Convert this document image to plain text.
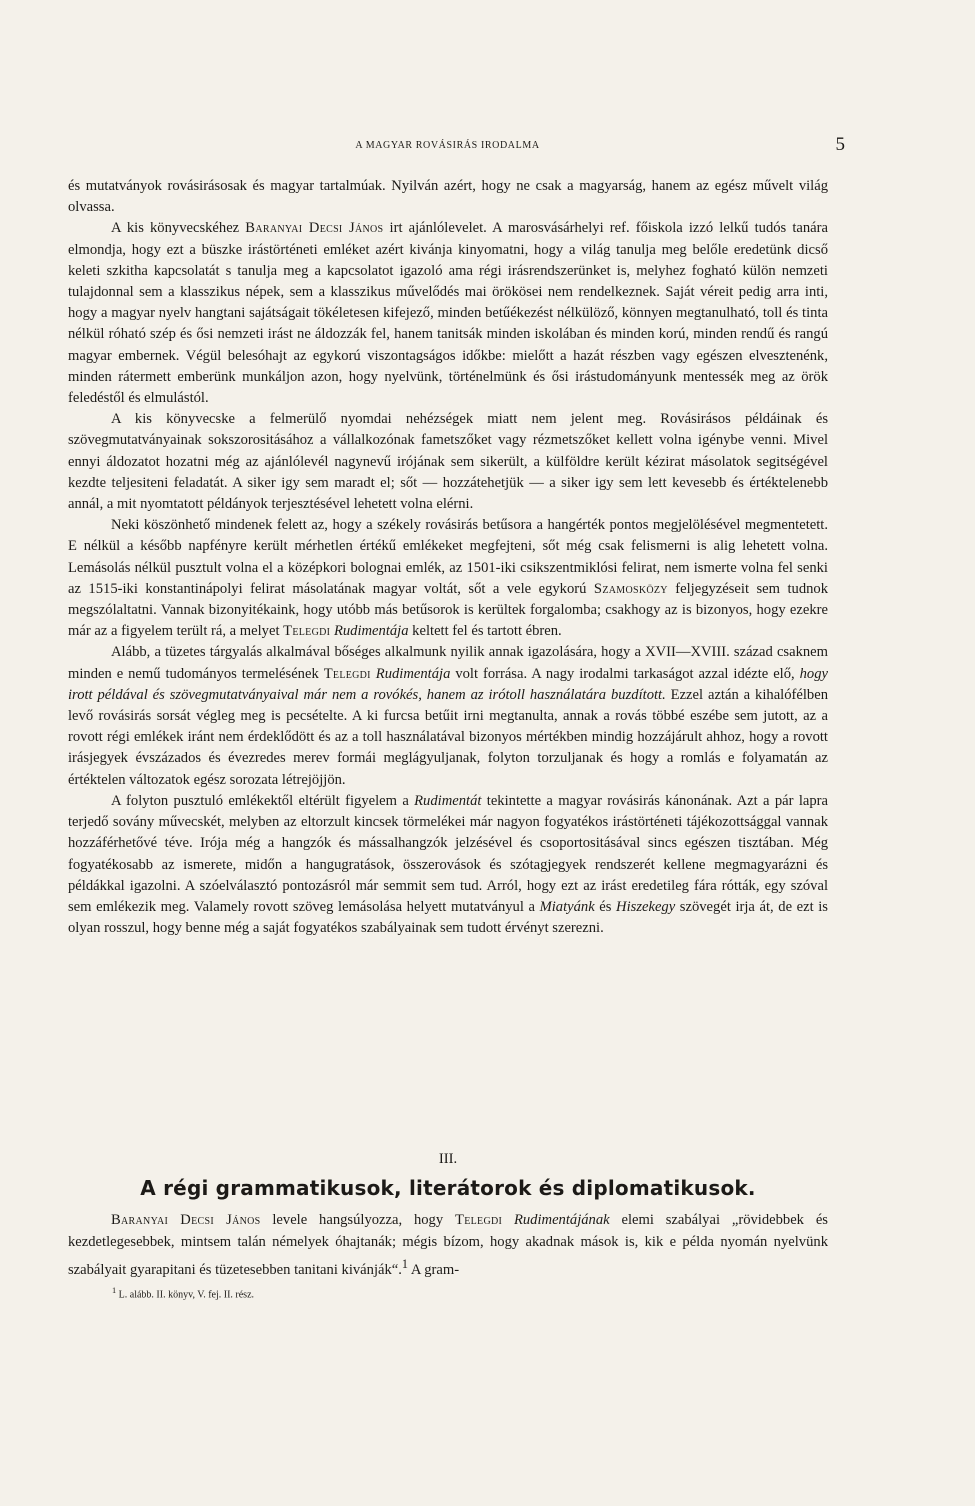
A MAGYAR ROVÁSIRÁS IRODALMA	5

és mutatványok rovásirásosak és magyar tartalmúak. Nyilván azért, hogy ne csak a magyarság, hanem az egész művelt világ olvassa.

A kis könyvecskéhez Baranyai Decsi János irt ajánlólevelet. A marosvásárhelyi ref. főiskola izzó lelkű tudós tanára elmondja, hogy ezt a büszke irástörténeti emléket azért kivánja kinyomatni, hogy a világ tanulja meg belőle eredetünk dicső keleti szkitha kapcsolatát s tanulja meg a kapcsolatot igazoló ama régi irásrendszerünket is, melyhez fogható külön nemzeti tulajdonnal sem a klasszikus népek, sem a klasszikus művelődés mai örökösei nem rendelkeznek. Saját véreit pedig arra inti, hogy a magyar nyelv hangtani sajátságait tökéletesen kifejező, minden betűékezést nélkülöző, könnyen megtanulható, toll és tinta nélkül róható szép és ősi nemzeti irást ne áldozzák fel, hanem tanitsák minden iskolában és minden korú, minden rendű és rangú magyar embernek. Végül belesóhajt az egykorú viszontagságos időkbe: mielőtt a hazát részben vagy egészen elvesztenénk, minden rátermett emberünk munkáljon azon, hogy nyelvünk, történelmünk és ősi irástudományunk mentessék meg az örök feledéstől és elmulástól.

A kis könyvecske a felmerülő nyomdai nehézségek miatt nem jelent meg. Rovásirásos példáinak és szövegmutatványainak sokszorositásához a vállalkozónak fametszőket vagy rézmetszőket kellett volna igénybe venni. Mivel ennyi áldozatot hozatni még az ajánlólevél nagynevű irójának sem sikerült, a külföldre került kézirat másolatok segitségével kezdte teljesiteni feladatát. A siker igy sem maradt el; sőt — hozzátehetjük — a siker igy sem lett kevesebb és értéktelenebb annál, a mit nyomtatott példányok terjesztésével lehetett volna elérni.

Neki köszönhető mindenek felett az, hogy a székely rovásirás betűsora a hangérték pontos megjelölésével megmentetett. E nélkül a később napfényre került mérhetlen értékű emlékeket megfejteni, sőt még csak felismerni is alig lehetett volna. Lemásolás nélkül pusztult volna el a középkori bolognai emlék, az 1501-iki csikszentmiklósi felirat, nem ismerte volna fel senki az 1515-iki konstantinápolyi felirat másolatának magyar voltát, sőt a vele egykorú Szamosközy feljegyzéseit sem tudnok megszólaltatni. Vannak bizonyitékaink, hogy utóbb más betűsorok is kerültek forgalomba; csakhogy az is bizonyos, hogy ezekre már az a figyelem terült rá, a melyet Telegdi Rudimentája keltett fel és tartott ébren.

Alább, a tüzetes tárgyalás alkalmával bőséges alkalmunk nyilik annak igazolására, hogy a XVII—XVIII. század csaknem minden e nemű tudományos termelésének Telegdi Rudimentája volt forrása. A nagy irodalmi tarkaságot azzal idézte elő, hogy irott példával és szövegmutatványaival már nem a rovókés, hanem az irótoll használatára buzdított. Ezzel aztán a kihalófélben levő rovásirás sorsát végleg meg is pecsételte. A ki furcsa betűit irni megtanulta, annak a rovás többé eszébe sem jutott, az a rovott régi emlékek iránt nem érdeklődött és az a toll használatával bizonyos mértékben mindig hozzájárult ahhoz, hogy a rovott irásjegyek évszázados és évezredes merev formái meglágyuljanak, folyton torzuljanak és hogy a romlás e folyamatán az értéktelen változatok egész sorozata létrejöjjön.

A folyton pusztuló emlékektől eltérült figyelem a Rudimentát tekintette a magyar rovásirás kánonának. Azt a pár lapra terjedő sovány művecskét, melyben az eltorzult kincsek törmelékei már nagyon fogyatékos irástörténeti tájékozottsággal vannak hozzáférhetővé téve. Irója még a hangzók és mássalhangzók jelzésével és csoportositásával sincs egészen tisztában. Még fogyatékosabb az ismerete, midőn a hangugratások, összerovások és szótagjegyek rendszerét kellene megmagyarázni és példákkal igazolni. A szóelválasztó pontozásról már semmit sem tud. Arról, hogy ezt az irást eredetileg fára rótták, egy szóval sem emlékezik meg. Valamely rovott szöveg lemásolása helyett mutatványul a Miatyánk és Hiszekegy szövegét irja át, de ezt is olyan rosszul, hogy benne még a saját fogyatékos szabályainak sem tudott érvényt szerezni.

III.
A régi grammatikusok, literátorok és diplomatikusok.

Baranyai Decsi János levele hangsúlyozza, hogy Telegdi Rudimentájának elemi szabályai „rövidebbek és kezdetlegesebbek, mintsem talán némelyek óhajtanák; mégis bízom, hogy akadnak mások is, kik e példa nyomán nyelvünk szabályait gyarapitani és tüzetesebben tanitani kivánják“.$^1$ A gram-

$^1$ L. alább. II. könyv, V. fej. II. rész.
